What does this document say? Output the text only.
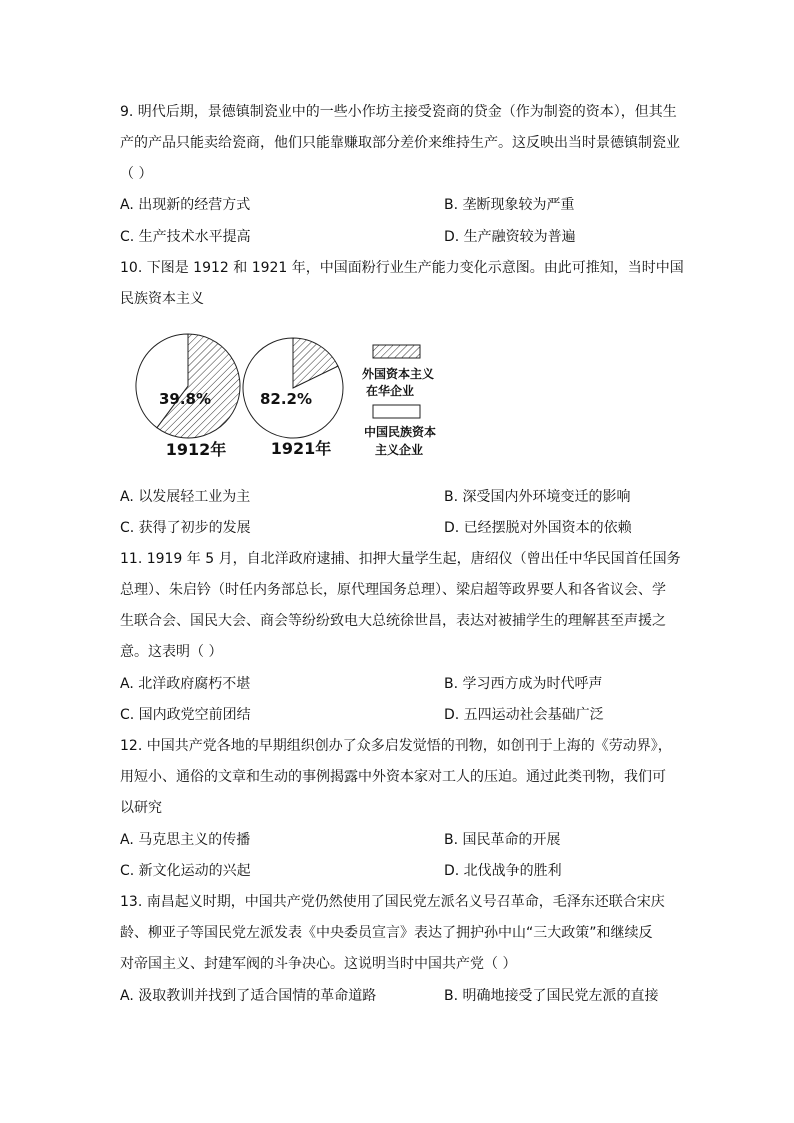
9. 明代后期，景德镇制瓷业中的一些小作坊主接受瓷商的贷金（作为制瓷的资本），但其生
产的产品只能卖给瓷商，他们只能靠赚取部分差价来维持生产。这反映出当时景德镇制瓷业
（ ）
A. 出现新的经营方式	B. 垄断现象较为严重
C. 生产技术水平提高	D. 生产融资较为普遍
10. 下图是 1912 和 1921 年，中国面粉行业生产能力变化示意图。由此可推知，当时中国
民族资本主义
39.8%	82.2%
1912年	1921年
外国资本主义
在华企业
中国民族资本
主义企业
A. 以发展轻工业为主	B. 深受国内外环境变迁的影响
C. 获得了初步的发展	D. 已经摆脱对外国资本的依赖
11. 1919 年 5 月，自北洋政府逮捕、扣押大量学生起，唐绍仪（曾出任中华民国首任国务
总理）、朱启钤（时任内务部总长，原代理国务总理）、梁启超等政界要人和各省议会、学
生联合会、国民大会、商会等纷纷致电大总统徐世昌，表达对被捕学生的理解甚至声援之
意。这表明（ ）
A. 北洋政府腐朽不堪	B. 学习西方成为时代呼声
C. 国内政党空前团结	D. 五四运动社会基础广泛
12. 中国共产党各地的早期组织创办了众多启发觉悟的刊物，如创刊于上海的《劳动界》，
用短小、通俗的文章和生动的事例揭露中外资本家对工人的压迫。通过此类刊物，我们可
以研究
A. 马克思主义的传播	B. 国民革命的开展
C. 新文化运动的兴起	D. 北伐战争的胜利
13. 南昌起义时期，中国共产党仍然使用了国民党左派名义号召革命，毛泽东还联合宋庆
龄、柳亚子等国民党左派发表《中央委员宣言》表达了拥护孙中山“三大政策”和继续反
对帝国主义、封建军阀的斗争决心。这说明当时中国共产党（ ）
A. 汲取教训并找到了适合国情的革命道路	B. 明确地接受了国民党左派的直接
